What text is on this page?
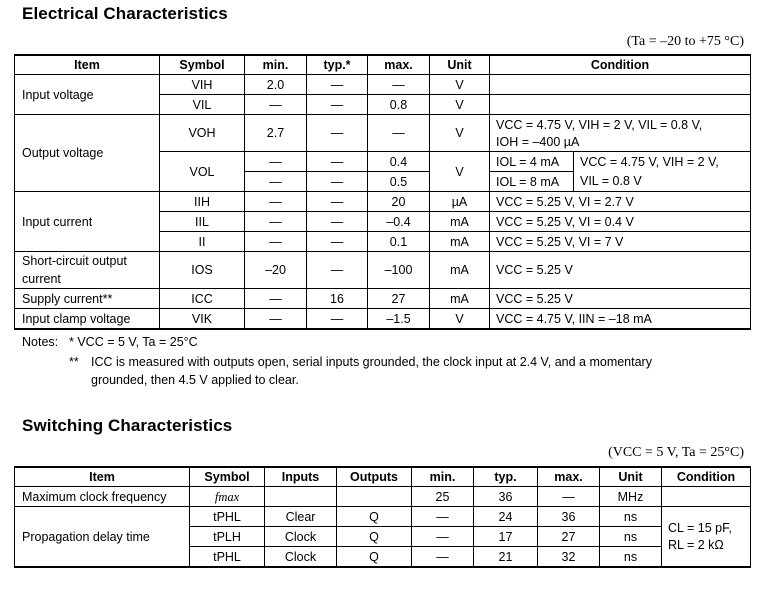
Electrical Characteristics
(Ta = –20 to +75 °C)
Item	Symbol	min.	typ.*	max.	Unit	Condition	
Input voltage	VIH	2.0	—	—	V		
	VIL	—	—	0.8	V		
Output voltage	VOH	2.7	—	—	V	VCC = 4.75 V, VIH = 2 V, VIL = 0.8 V,
IOH = –400 µA	

	VOL	—	—	0.4	V	IOL = 4 mA	VCC = 4.75 V, VIH = 2 V,
VIL = 0.8 V

		—	—	0.5		IOL = 8 mA	
Input current	IIH	—	—	20	µA	VCC = 5.25 V, VI = 2.7 V	
	IIL	—	—	–0.4	mA	VCC = 5.25 V, VI = 0.4 V	
	II	—	—	0.1	mA	VCC = 5.25 V, VI = 7 V	

Short-circuit output
current	IOS	–20	—	–100	mA	VCC = 5.25 V	
Supply current**	ICC	—	16	27	mA	VCC = 5.25 V	
Input clamp voltage	VIK	—	—	–1.5	V	VCC = 4.75 V, IIN = –18 mA	
Notes: * VCC = 5 V, Ta = 25°C
** ICC is measured with outputs open, serial inputs grounded, the clock input at 2.4 V, and a momentary
grounded, then 4.5 V applied to clear.
Switching Characteristics
(VCC = 5 V, Ta = 25°C)
Item	Symbol	Inputs	Outputs	min.	typ.	max.	Unit	Condition
Maximum clock frequency	fmax			25	36	—	MHz	
Propagation delay time	tPHL	Clear	Q	—	24	36	ns	CL = 15 pF,
RL = 2 kΩ

	tPLH	Clock	Q	—	17	27	ns	
	tPHL	Clock	Q	—	21	32	ns	
